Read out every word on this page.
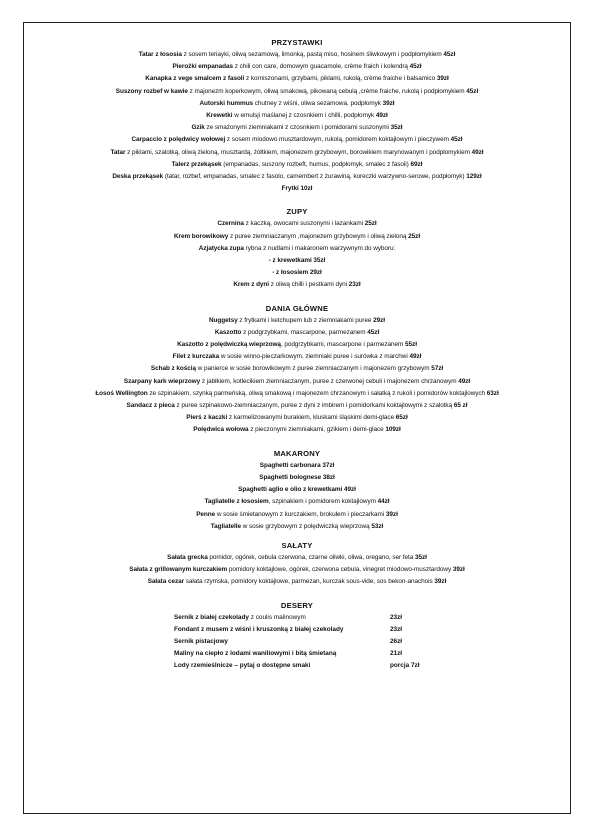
PRZYSTAWKI
Tatar z łososia z sosem teriayki, oliwą sezamową, limonką, pastą miso, hosinem śliwkowym i podpłomykiem 45zł
Pierożki empanadas z chili con care, domowym guacamole, crème fraich i kolendrą 45zł
Kanapka z vege smalcem z fasoli z korniszonami, grzybami, piklami, rukolą, crème fraiche i balsamico 39zł
Suszony rozbef w kawie z majonezm koperkowym, oliwą smakową, pikowaną cebulą ,crème fraiche, rukolą i podpłomykiem 45zł
Autorski hummus chutney z wiśni, oliwa sezamowa, podpłomyk 39zł
Krewetki w emulsji maślanej z czosnkiem i chilli, podpłomyk 49zł
Gzik ze smażonymi ziemniakami z czosnkiem i pomidorami suszonymi 35zł
Carpaccio z polędwicy wołowej z sosem miodowo musztardowym, rukolą, pomidorem koktajlowym i pieczywem 45zł
Tatar z piklami, szalotką, oliwą zieloną, musztardą, żółtkiem, majonezem grzybowym, borowikiem marynowanym i podpłomykiem 49zł
Talerz przekąsek (empanadas, suszony rozbeft, humus, podpłomyk, smalec z fasoli) 69zł
Deska przekąsek (tatar, rozbef, empanadas, smalec z fasolo, camembert z żurawiną, koreczki warzywno-serowe, podpłomyk) 129zł
Frytki 10zł
ZUPY
Czernina z kaczką, owocami suszonymi i lazankami 25zł
Krem borowikowy z puree ziemniaczanym ,majonezem grzybowym i oliwą zieloną 25zł
Azjatycka zupa rybna z nudlami i makaronem warzywnym do wyboru:
- z krewetkami 35zł
- z łososiem 29zł
Krem z dyni z oliwą chilli i pestkami dyni 23zł
DANIA GŁÓWNE
Nuggetsy z frytkami i ketchupem lub z ziemniakami puree 29zł
Kaszotto z podgrzybkami, mascarpone, parmezanem 45zł
Kaszotto z polędwiczką wieprzową, podgrzybkami, mascarpone i parmezanem 55zł
Filet z kurczaka w sosie winno-pieczarkowym, ziemniaki puree i surówka z marchwi 49zł
Schab z kością w panierce w sosie borowikowym z puree ziemniaczanym i majonezem grzybowym 57zł
Szarpany kark wieprzowy z jabłkiem, kotlecikiem ziemniaczanym, puree z czerwonej cebuli i majonezem chrzanowym 49zł
Łosoś Wellington ze szpinakiem, szynką parmeńską, oliwą smakową i majonezem chrzanowym i sałatką z rukoli i pomidorów koktajlowych 63zł
Sandacz z pieca z puree szpinakowo-ziemniaczanym, puree z dyni z imbirem i pomidorkami koktajlowymi z szalotką 65 zł
Pierś z kaczki z karmelizowanymi burakiem, kluskami śląskimi demi-glace 65zł
Polędwica wołowa z pieczonymi ziemniakami, gzikiem i demi-glace 109zł
MAKARONY
Spaghetti carbonara 37zł
Spaghetti bolognese 38zł
Spaghetti aglio e olio z krewetkami 49zł
Tagliatelle z łososiem, szpinakiem i pomidorem koktajlowym 44zł
Penne w sosie śmietanowym z kurczakiem, brokułem i pieczarkami 39zł
Tagliatelle w sosie grzybowym z polędwiczką wieprzową 53zł
SAŁATY
Sałata grecka pomidor, ogórek, cebula czerwona, czarne oliwki, oliwa, oregano, ser feta 35zł
Sałata z grillowanym kurczakiem pomidory koktajlowe, ogórek, czerwona cebula, vinegret miodowo-musztardowy 39zł
Sałata cezar sałata rzymska, pomidory koktajlowe, parmezan, kurczak sous-vide, sos bekon-anachois 39zł
DESERY
Sernik z białej czekolady z coulis malinowym	23zł
Fondant z musem z wiśni i kruszonką z białej czekolady	23zł
Sernik pistacjowy	26zł
Maliny na ciepło z lodami waniliowymi i bitą śmietaną	21zł
Lody rzemieślnicze – pytaj o dostępne smaki	porcja 7zł
